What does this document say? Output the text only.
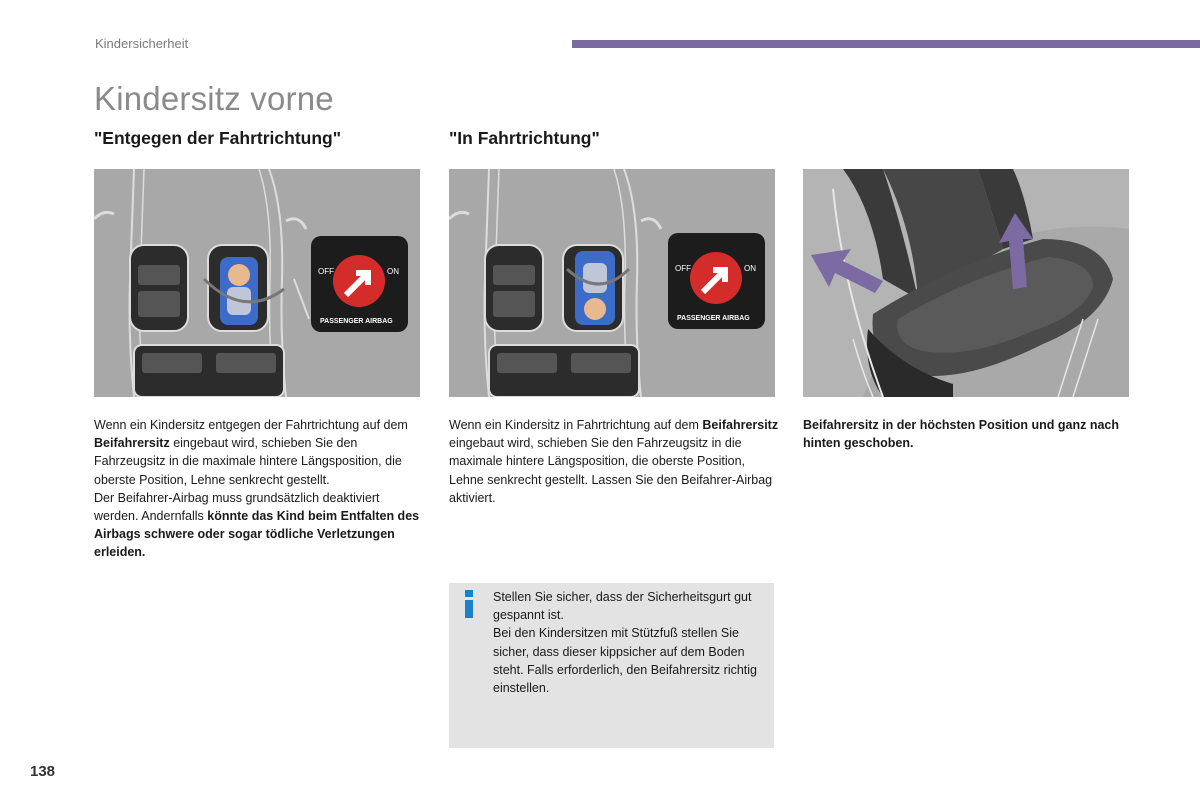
Kindersicherheit
Kindersitz vorne
"Entgegen der Fahrtrichtung"	"In Fahrtrichtung"
OFF	ON
PASSENGER AIRBAG
OFF	ON
PASSENGER AIRBAG
Wenn ein Kindersitz entgegen der Fahrtrichtung auf dem Beifahrersitz eingebaut wird, schieben Sie den Fahrzeugsitz in die maximale hintere Längsposition, die oberste Position, Lehne senkrecht gestellt.
Der Beifahrer-Airbag muss grundsätzlich deaktiviert werden. Andernfalls könnte das Kind beim Entfalten des Airbags schwere oder sogar tödliche Verletzungen erleiden.
Wenn ein Kindersitz in Fahrtrichtung auf dem Beifahrersitz eingebaut wird, schieben Sie den Fahrzeugsitz in die maximale hintere Längsposition, die oberste Position, Lehne senkrecht gestellt. Lassen Sie den Beifahrer-Airbag aktiviert.
Beifahrersitz in der höchsten Position und ganz nach hinten geschoben.
Stellen Sie sicher, dass der Sicherheitsgurt gut gespannt ist.
Bei den Kindersitzen mit Stützfuß stellen Sie sicher, dass dieser kippsicher auf dem Boden steht. Falls erforderlich, den Beifahrersitz richtig einstellen.
138
